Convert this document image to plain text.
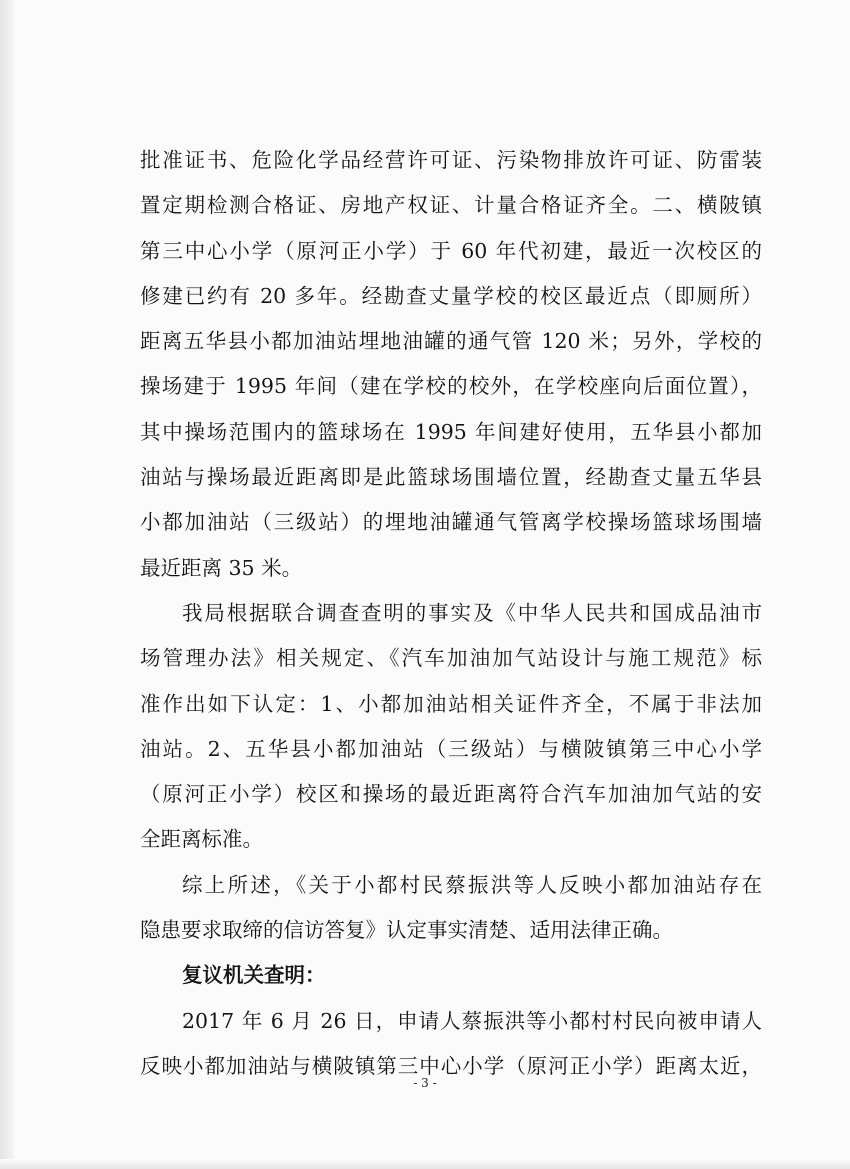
批准证书、危险化学品经营许可证、污染物排放许可证、防雷装
置定期检测合格证、房地产权证、计量合格证齐全。二、横陂镇
第三中心小学（原河正小学）于 60 年代初建，最近一次校区的
修建已约有 20 多年。经勘查丈量学校的校区最近点（即厕所）
距离五华县小都加油站埋地油罐的通气管 120 米；另外，学校的
操场建于 1995 年间（建在学校的校外，在学校座向后面位置），
其中操场范围内的篮球场在 1995 年间建好使用，五华县小都加
油站与操场最近距离即是此篮球场围墙位置，经勘查丈量五华县
小都加油站（三级站）的埋地油罐通气管离学校操场篮球场围墙
最近距离 35 米。
我局根据联合调查查明的事实及《中华人民共和国成品油市
场管理办法》相关规定、《汽车加油加气站设计与施工规范》标
准作出如下认定：1、小都加油站相关证件齐全，不属于非法加
油站。2、五华县小都加油站（三级站）与横陂镇第三中心小学
（原河正小学）校区和操场的最近距离符合汽车加油加气站的安
全距离标准。
综上所述，《关于小都村民蔡振洪等人反映小都加油站存在
隐患要求取缔的信访答复》认定事实清楚、适用法律正确。
复议机关查明：
2017 年 6 月 26 日，申请人蔡振洪等小都村村民向被申请人
反映小都加油站与横陂镇第三中心小学（原河正小学）距离太近，
- 3 -
